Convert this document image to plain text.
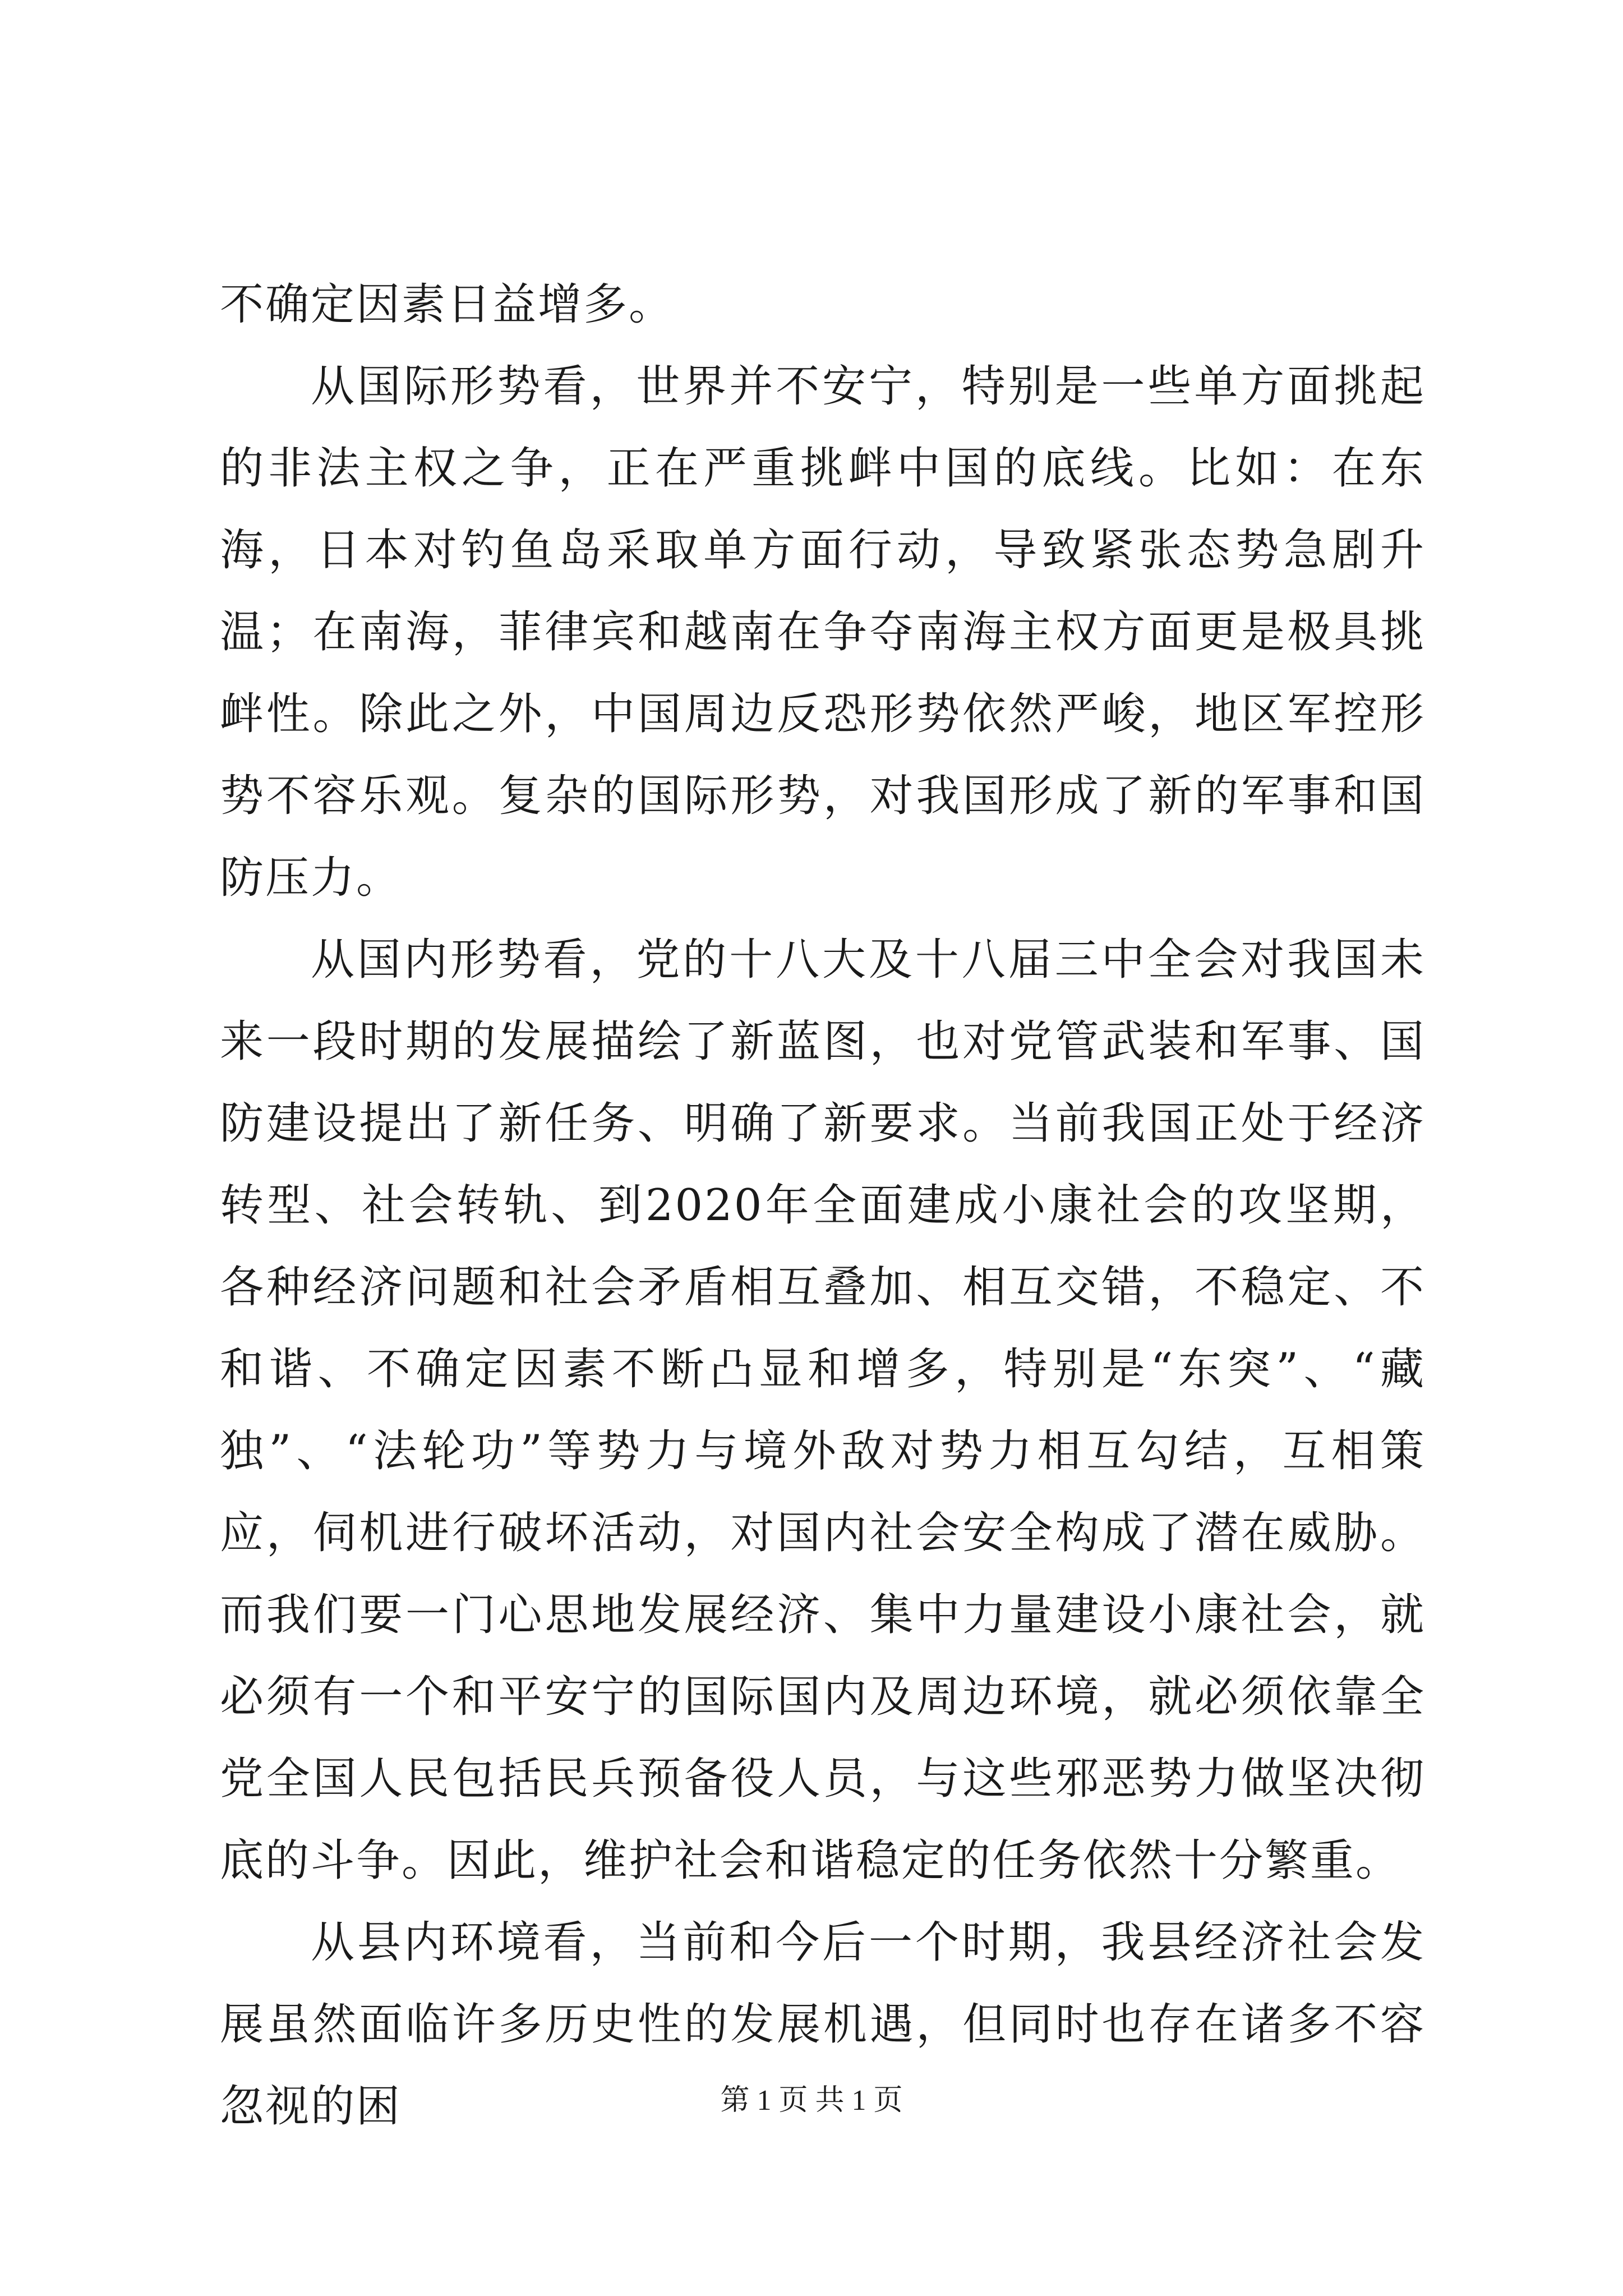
不确定因素日益增多。

从国际形势看，世界并不安宁，特别是一些单方面挑起的非法主权之争，正在严重挑衅中国的底线。比如：在东海，日本对钓鱼岛采取单方面行动，导致紧张态势急剧升温；在南海，菲律宾和越南在争夺南海主权方面更是极具挑衅性。除此之外，中国周边反恐形势依然严峻，地区军控形势不容乐观。复杂的国际形势，对我国形成了新的军事和国防压力。

从国内形势看，党的十八大及十八届三中全会对我国未来一段时期的发展描绘了新蓝图，也对党管武装和军事、国防建设提出了新任务、明确了新要求。当前我国正处于经济转型、社会转轨、到2020年全面建成小康社会的攻坚期，各种经济问题和社会矛盾相互叠加、相互交错，不稳定、不和谐、不确定因素不断凸显和增多，特别是“东突”、“藏独”、“法轮功”等势力与境外敌对势力相互勾结，互相策应，伺机进行破坏活动，对国内社会安全构成了潜在威胁。而我们要一门心思地发展经济、集中力量建设小康社会，就必须有一个和平安宁的国际国内及周边环境，就必须依靠全党全国人民包括民兵预备役人员，与这些邪恶势力做坚决彻底的斗争。因此，维护社会和谐稳定的任务依然十分繁重。

从县内环境看，当前和今后一个时期，我县经济社会发展虽然面临许多历史性的发展机遇，但同时也存在诸多不容忽视的困	第 1 页 共 1 页
